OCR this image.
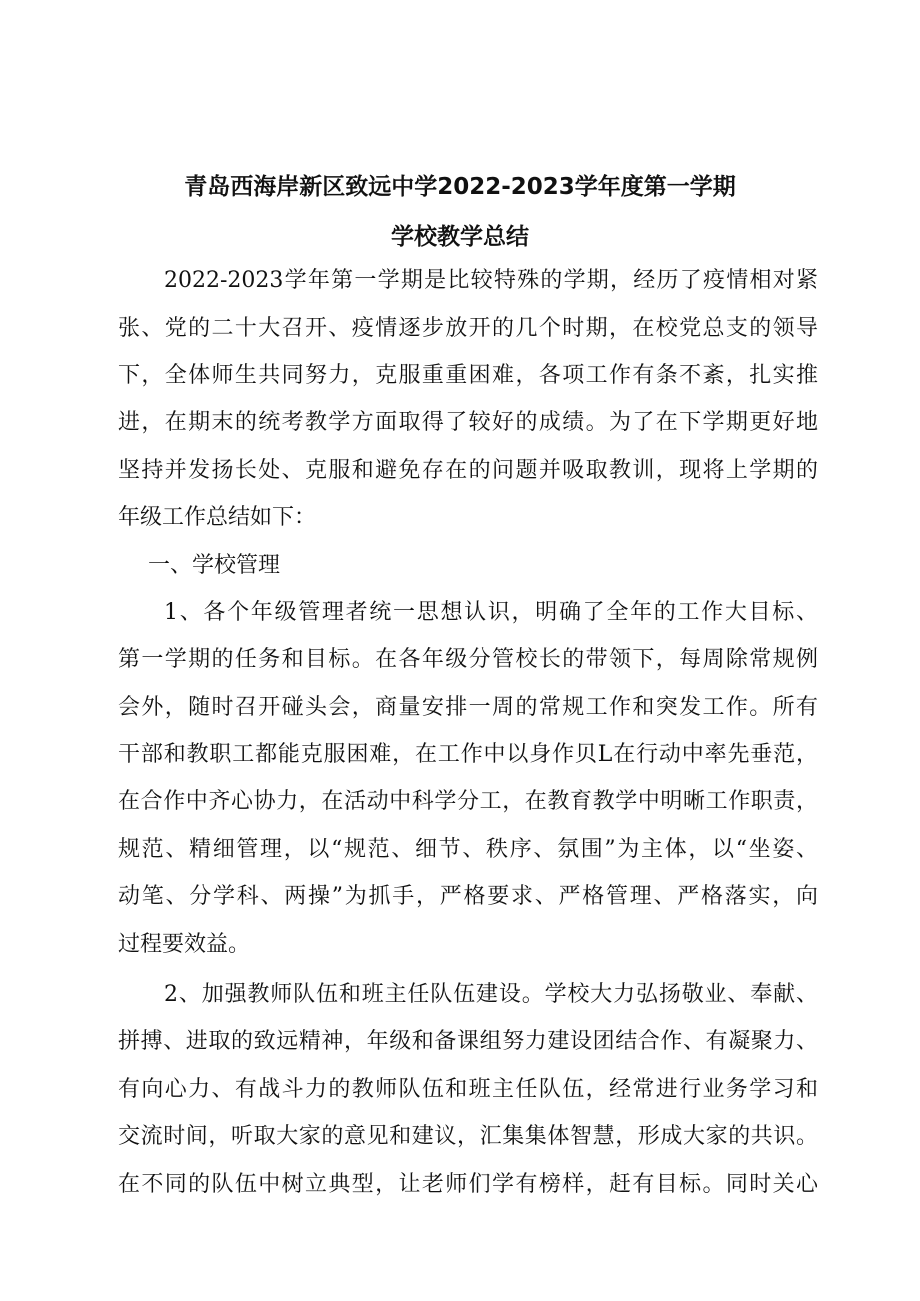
青岛西海岸新区致远中学2022-2023学年度第一学期
学校教学总结
2022-2023学年第一学期是比较特殊的学期，经历了疫情相对紧
张、党的二十大召开、疫情逐步放开的几个时期，在校党总支的领导
下，全体师生共同努力，克服重重困难，各项工作有条不紊，扎实推
进，在期末的统考教学方面取得了较好的成绩。为了在下学期更好地
坚持并发扬长处、克服和避免存在的问题并吸取教训，现将上学期的
年级工作总结如下：
一、学校管理
1、各个年级管理者统一思想认识，明确了全年的工作大目标、
第一学期的任务和目标。在各年级分管校长的带领下，每周除常规例
会外，随时召开碰头会，商量安排一周的常规工作和突发工作。所有
干部和教职工都能克服困难，在工作中以身作贝L在行动中率先垂范，
在合作中齐心协力，在活动中科学分工，在教育教学中明晰工作职责，
规范、精细管理，以“规范、细节、秩序、氛围”为主体，以“坐姿、
动笔、分学科、两操”为抓手，严格要求、严格管理、严格落实，向
过程要效益。
2、加强教师队伍和班主任队伍建设。学校大力弘扬敬业、奉献、
拼搏、进取的致远精神，年级和备课组努力建设团结合作、有凝聚力、
有向心力、有战斗力的教师队伍和班主任队伍，经常进行业务学习和
交流时间，听取大家的意见和建议，汇集集体智慧，形成大家的共识。
在不同的队伍中树立典型，让老师们学有榜样，赶有目标。同时关心
